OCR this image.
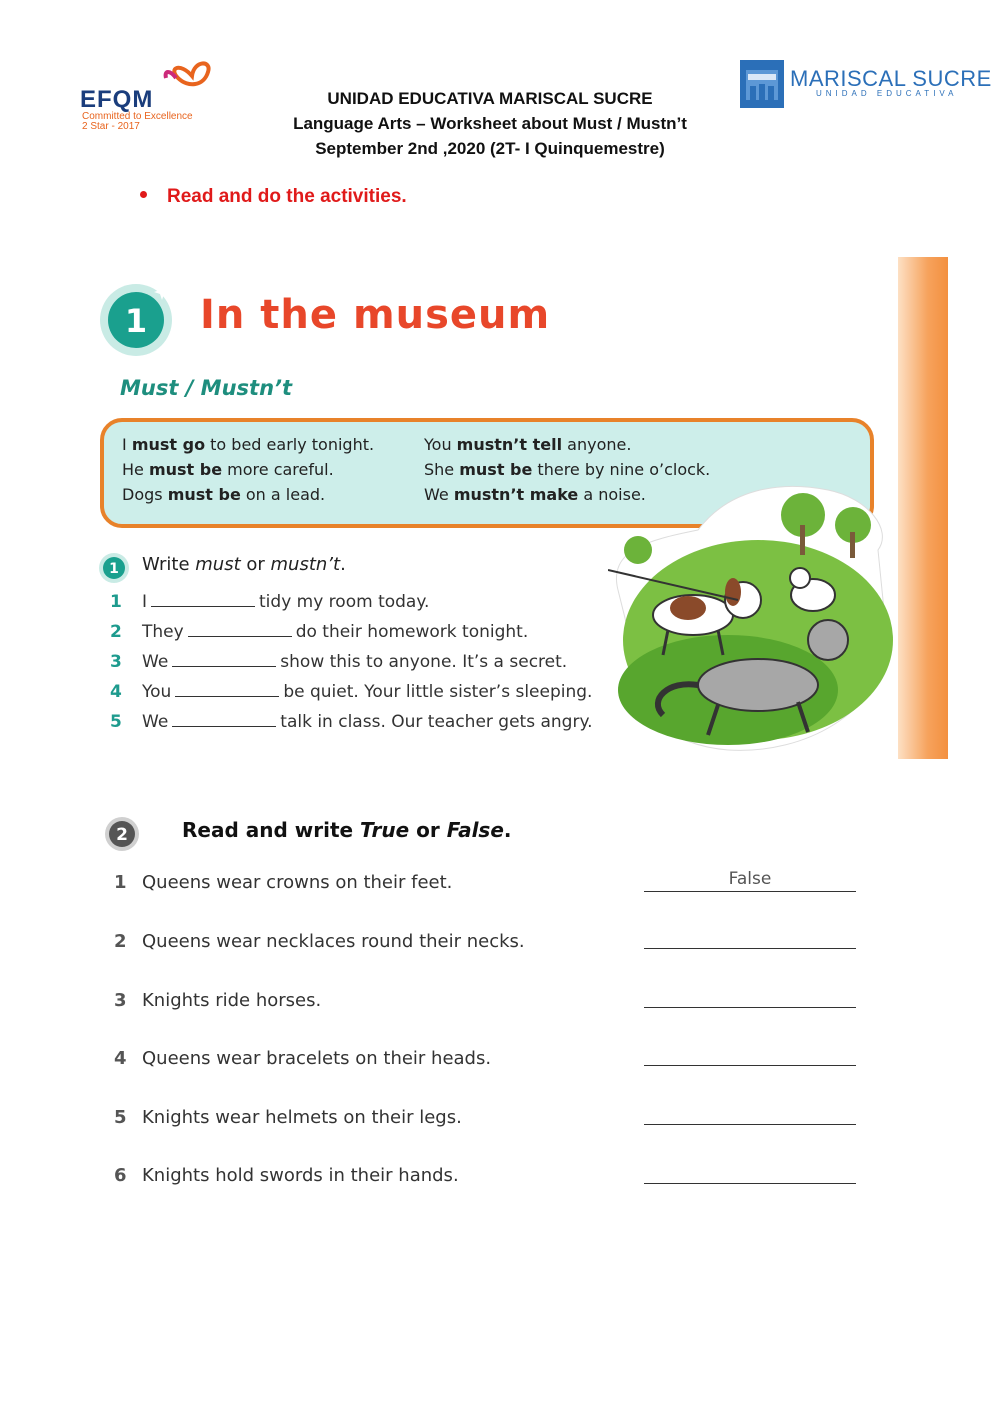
EFQM
Committed to Excellence
2 Star - 2017
UNIDAD EDUCATIVA MARISCAL SUCRE
Language Arts – Worksheet about Must / Mustn’t
September 2nd ,2020 (2T- I Quinquemestre)
MARISCAL SUCRE
UNIDAD EDUCATIVA
Read and do the activities.
1 In the museum
Must / Mustn’t
I must go to bed early tonight.
He must be more careful.
Dogs must be on a lead.
You mustn’t tell anyone.
She must be there by nine o’clock.
We mustn’t make a noise.
1 Write must or mustn’t.
1 I	tidy my room today.
2 They	do their homework tonight.
3 We	show this to anyone. It’s a secret.
4 You	be quiet. Your little sister’s sleeping.
5 We	talk in class. Our teacher gets angry.
2	Read and write True or False.
1 Queens wear crowns on their feet.	False
2 Queens wear necklaces round their necks.
3 Knights ride horses.
4 Queens wear bracelets on their heads.
5 Knights wear helmets on their legs.
6 Knights hold swords in their hands.
